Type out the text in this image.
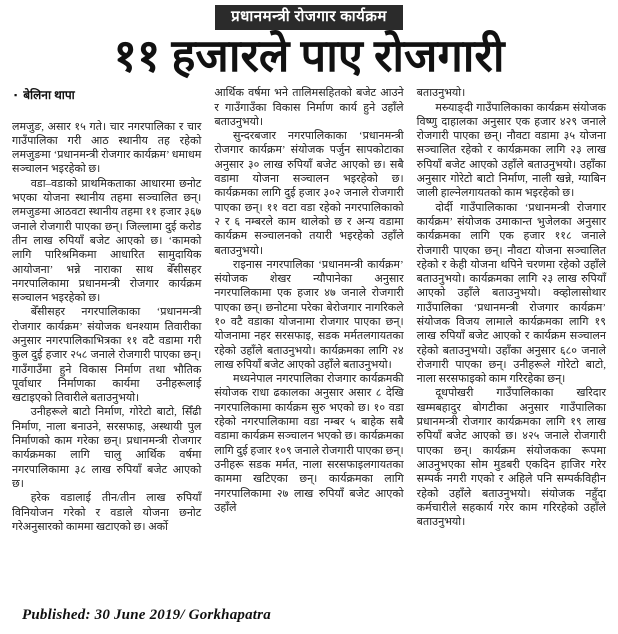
प्रधानमन्त्री रोजगार कार्यक्रम
११ हजारले पाए रोजगारी
▪ बेलिना थापा

लमजुङ, असार १५ गते। चार नगरपालिका र चार गाउँपालिका गरी आठ स्थानीय तह रहेको लमजुङमा ‘प्रधानमन्त्री रोजगार कार्यक्रम’ धमाधम सञ्चालन भइरहेको छ।

वडा–वडाको प्राथमिकताका आधारमा छनोट भएका योजना स्थानीय तहमा सञ्चालित छन्। लमजुङमा आठवटा स्थानीय तहमा ११ हजार ३६७ जनाले रोजगारी पाएका छन्। जिल्लामा दुई करोड तीन लाख रुपियाँ बजेट आएको छ। ‘कामको लागि पारिश्रमिकमा आधारित सामुदायिक आयोजना’ भन्ने नाराका साथ बेँसीसहर नगरपालिकामा प्रधानमन्त्री रोजगार कार्यक्रम सञ्चालन भइरहेको छ।

बेँसीसहर नगरपालिकाका ‘प्रधानमन्त्री रोजगार कार्यक्रम’ संयोजक धनश्याम तिवारीका अनुसार नगरपालिकाभित्रका ११ वटै वडामा गरी कुल दुई हजार २५८ जनाले रोजगारी पाएका छन्। गाउँगाउँमा हुने विकास निर्माण तथा भौतिक पूर्वाधार निर्माणका कार्यमा उनीहरूलाई खटाइएको तिवारीले बताउनुभयो।

उनीहरूले बाटो निर्माण, गोरेटो बाटो, सिँढी निर्माण, नाला बनाउने, सरसफाइ, अस्थायी पुल निर्माणको काम गरेका छन्। प्रधानमन्त्री रोजगार कार्यक्रमका लागि चालु आर्थिक वर्षमा नगरपालिकामा ३८ लाख रुपियाँ बजेट आएको छ।

हरेक वडालाई तीन/तीन लाख रुपियाँ विनियोजन गरेको र वडाले योजना छनोट गरेअनुसारको काममा खटाएको छ। अर्को

आर्थिक वर्षमा भने तालिमसहितको बजेट आउने र गाउँगाउँका विकास निर्माण कार्य हुने उहाँले बताउनुभयो।

सुन्दरबजार नगरपालिकाका ‘प्रधानमन्त्री रोजगार कार्यक्रम’ संयोजक पर्जुन सापकोटाका अनुसार ३० लाख रुपियाँ बजेट आएको छ। सबै वडामा योजना सञ्चालन भइरहेको छ। कार्यक्रमका लागि दुई हजार ३०२ जनाले रोजगारी पाएका छन्। ११ वटा वडा रहेको नगरपालिकाको २ र ६ नम्बरले काम थालेको छ र अन्य वडामा कार्यक्रम सञ्चालनको तयारी भइरहेको उहाँले बताउनुभयो।

राइनास नगरपालिका ‘प्रधानमन्त्री कार्यक्रम’ संयोजक शेखर न्यौपानेका अनुसार नगरपालिकामा एक हजार ४७ जनाले रोजगारी पाएका छन्। छनोटमा परेका बेरोजगार नागरिकले १० वटै वडाका योजनामा रोजगार पाएका छन्। योजनामा नहर सरसफाइ, सडक मर्मतलगायतका रहेको उहाँले बताउनुभयो। कार्यक्रमका लागि २४ लाख रुपियाँ बजेट आएको उहाँले बताउनुभयो।

मध्यनेपाल नगरपालिका रोजगार कार्यक्रमकी संयोजक राधा ढकालका अनुसार असार ८ देखि नगरपालिकामा कार्यक्रम सुरु भएको छ। १० वडा रहेको नगरपालिकामा वडा नम्बर ५ बाहेक सबै वडामा कार्यक्रम सञ्चालन भएको छ। कार्यक्रमका लागि दुई हजार १०९ जनाले रोजगारी पाएका छन्। उनीहरू सडक मर्मत, नाला सरसफाइलगायतका काममा खटिएका छन्। कार्यक्रमका लागि नगरपालिकामा २७ लाख रुपियाँ बजेट आएको उहाँले

बताउनुभयो।

मस्र्याङ्दी गाउँपालिकाका कार्यक्रम संयोजक विष्णु दाहालका अनुसार एक हजार ४२९ जनाले रोजगारी पाएका छन्। नौवटा वडामा ३५ योजना सञ्चालित रहेको र कार्यक्रमका लागि २३ लाख रुपियाँ बजेट आएको उहाँले बताउनुभयो। उहाँका अनुसार गोरेटो बाटो निर्माण, नाली खन्ने, ग्याबिन जाली हाल्नेलगायतको काम भइरहेको छ।

दोर्दी गाउँपालिकाका ‘प्रधानमन्त्री रोजगार कार्यक्रम’ संयोजक उमाकान्त भुजेलका अनुसार कार्यक्रमका लागि एक हजार ११८ जनाले रोजगारी पाएका छन्। नौवटा योजना सञ्चालित रहेको र केही योजना थपिने चरणमा रहेको उहाँले बताउनुभयो। कार्यक्रमका लागि २३ लाख रुपियाँ आएको उहाँले बताउनुभयो। क्व्होलासोथार गाउँपालिका ‘प्रधानमन्त्री रोजगार कार्यक्रम’ संयोजक विजय लामाले कार्यक्रमका लागि १९ लाख रुपियाँ बजेट आएको र कार्यक्रम सञ्चालन रहेको बताउनुभयो। उहाँका अनुसार ६८० जनाले रोजगारी पाएका छन्। उनीहरूले गोरेटो बाटो, नाला सरसफाइको काम गरिरहेका छन्।

दूधपोखरी गाउँपालिकाका खरिदार खम्मबहादुर बोगटीका अनुसार गाउँपालिका प्रधानमन्त्री रोजगार कार्यक्रमका लागि १९ लाख रुपियाँ बजेट आएको छ। ४२५ जनाले रोजगारी पाएका छन्। कार्यक्रम संयोजकका रूपमा आउनुभएका सोम मुडबरी एकदिन हाजिर गरेर सम्पर्क नगरी गएको र अहिले पनि सम्पर्कविहीन रहेको उहाँले बताउनुभयो। संयोजक नहुँदा कर्मचारीले सहकार्य गरेर काम गरिरहेको उहाँले बताउनुभयो।

Published: 30 June 2019/ Gorkhapatra
